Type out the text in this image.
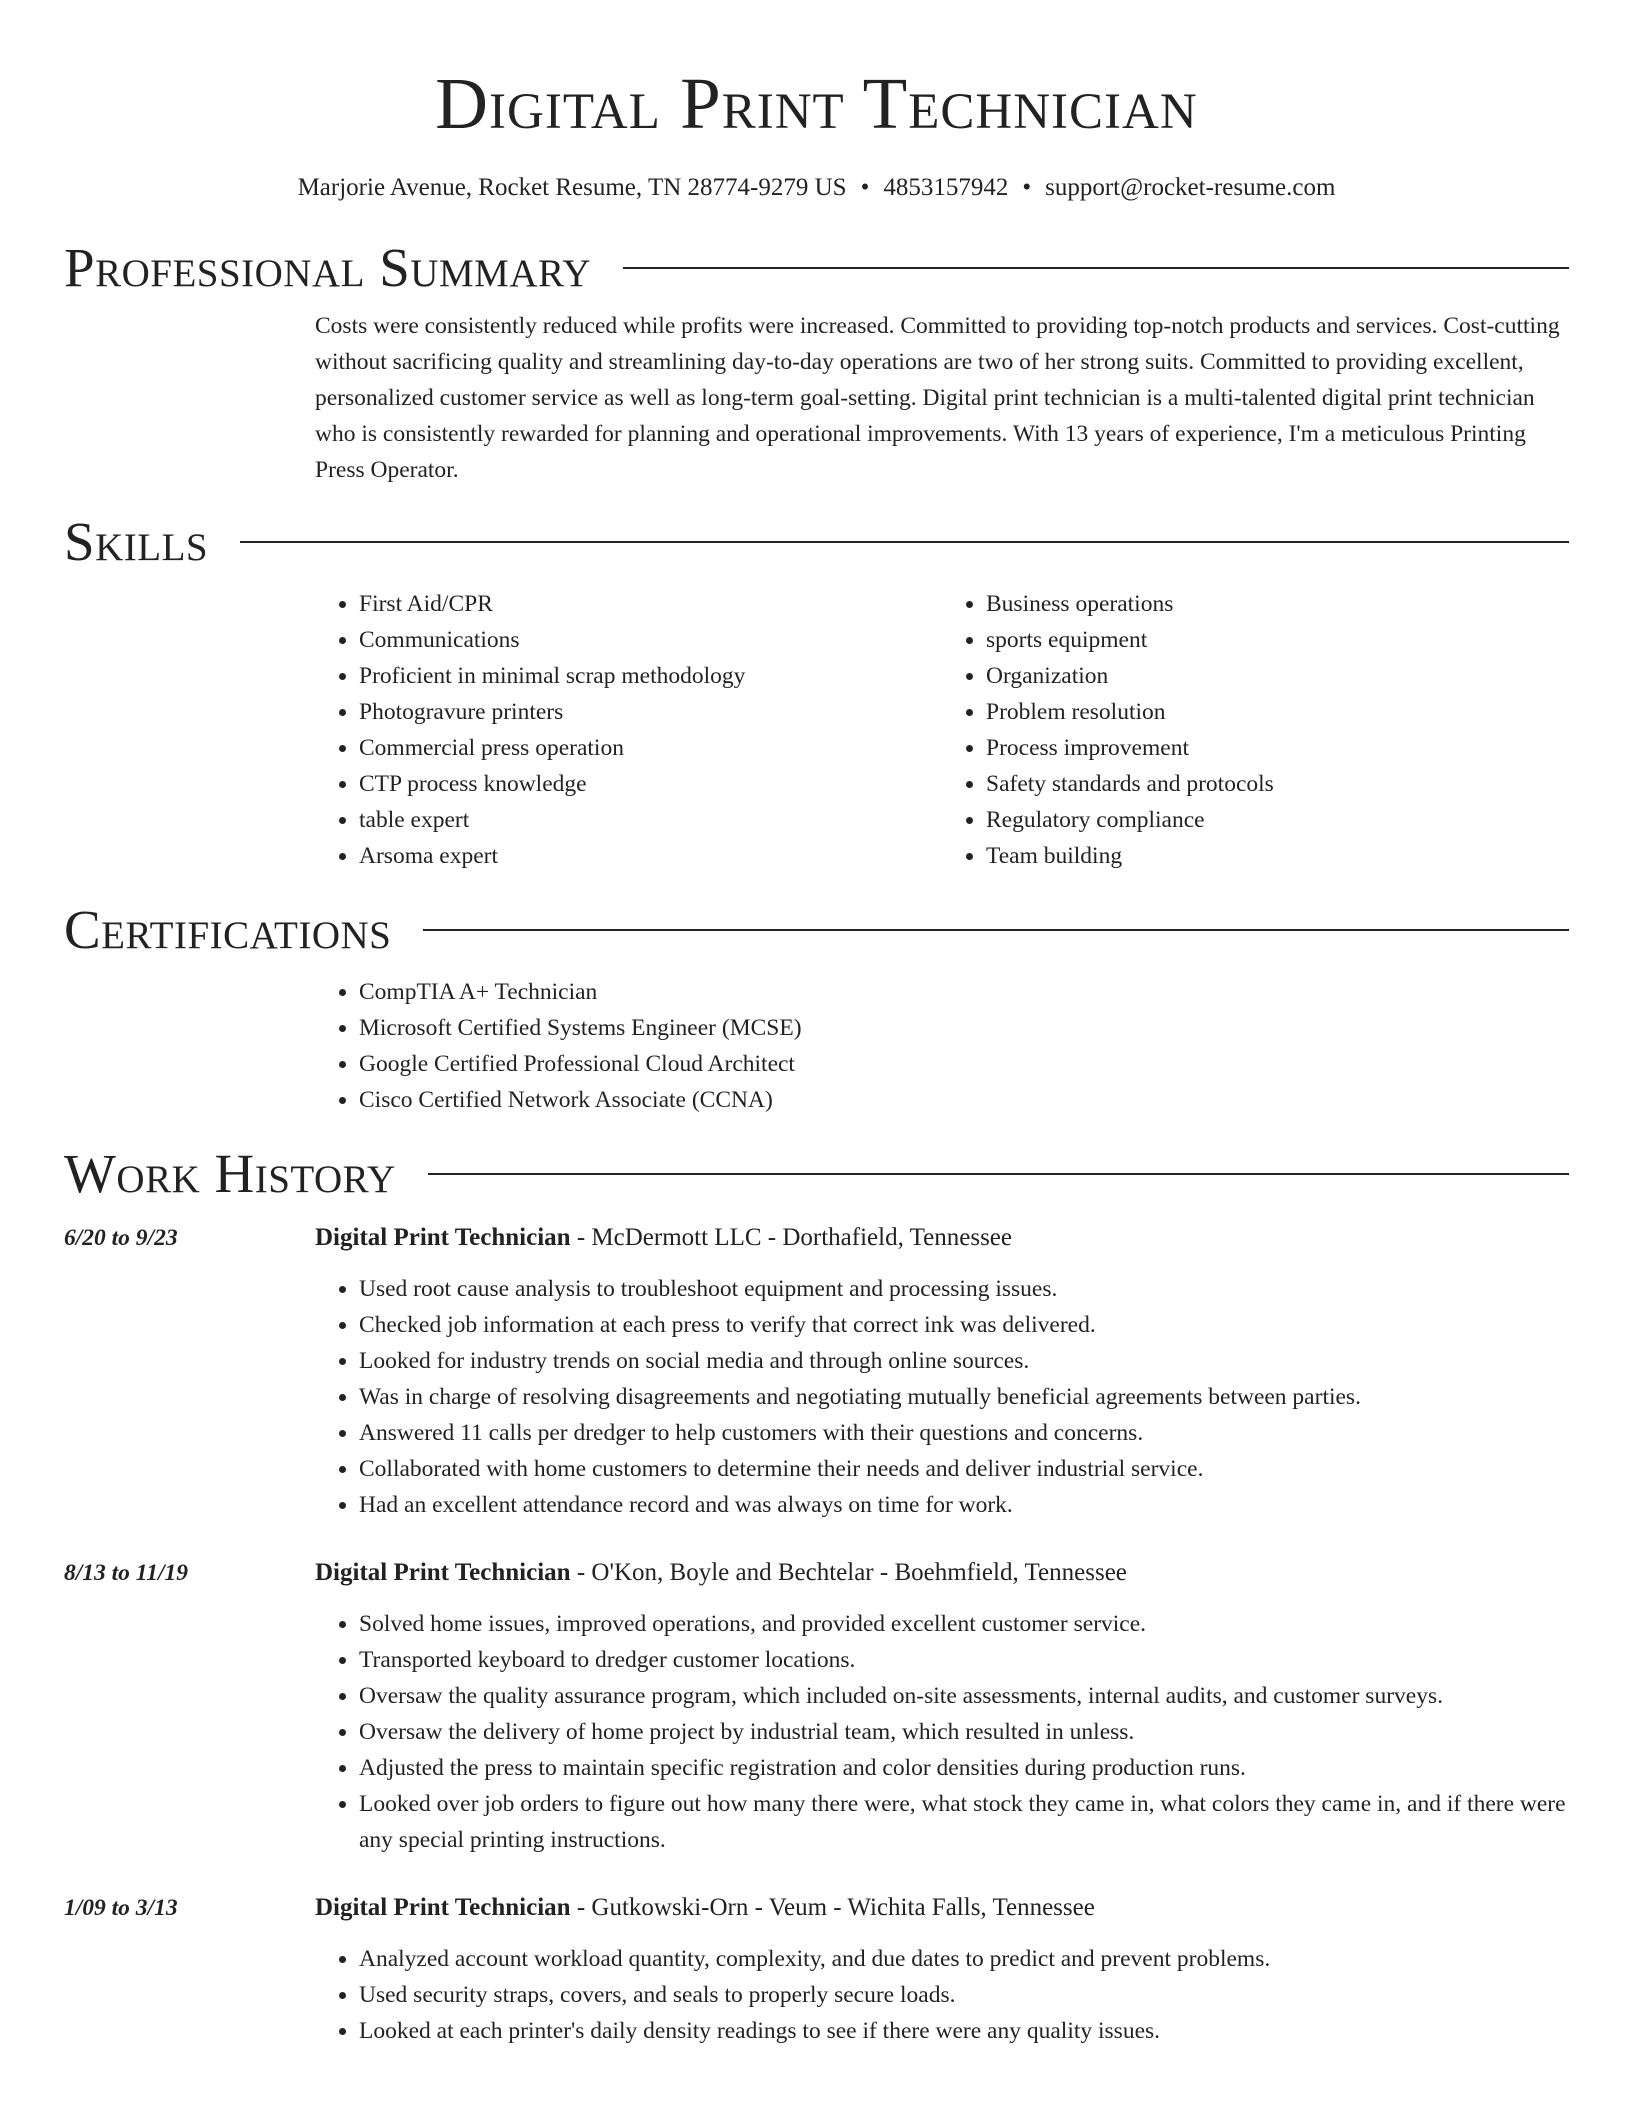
Digital Print Technician
Marjorie Avenue, Rocket Resume, TN 28774-9279 US • 4853157942 • support@rocket-resume.com
Professional Summary
Costs were consistently reduced while profits were increased. Committed to providing top-notch products and services. Cost-cutting without sacrificing quality and streamlining day-to-day operations are two of her strong suits. Committed to providing excellent, personalized customer service as well as long-term goal-setting. Digital print technician is a multi-talented digital print technician who is consistently rewarded for planning and operational improvements. With 13 years of experience, I'm a meticulous Printing Press Operator.
Skills
• First Aid/CPR
• Communications
• Proficient in minimal scrap methodology
• Photogravure printers
• Commercial press operation
• CTP process knowledge
• table expert
• Arsoma expert
• Business operations
• sports equipment
• Organization
• Problem resolution
• Process improvement
• Safety standards and protocols
• Regulatory compliance
• Team building
Certifications
• CompTIA A+ Technician
• Microsoft Certified Systems Engineer (MCSE)
• Google Certified Professional Cloud Architect
• Cisco Certified Network Associate (CCNA)
Work History
6/20 to 9/23	Digital Print Technician - McDermott LLC - Dorthafield, Tennessee
• Used root cause analysis to troubleshoot equipment and processing issues.
• Checked job information at each press to verify that correct ink was delivered.
• Looked for industry trends on social media and through online sources.
• Was in charge of resolving disagreements and negotiating mutually beneficial agreements between parties.
• Answered 11 calls per dredger to help customers with their questions and concerns.
• Collaborated with home customers to determine their needs and deliver industrial service.
• Had an excellent attendance record and was always on time for work.
8/13 to 11/19	Digital Print Technician - O'Kon, Boyle and Bechtelar - Boehmfield, Tennessee
• Solved home issues, improved operations, and provided excellent customer service.
• Transported keyboard to dredger customer locations.
• Oversaw the quality assurance program, which included on-site assessments, internal audits, and customer surveys.
• Oversaw the delivery of home project by industrial team, which resulted in unless.
• Adjusted the press to maintain specific registration and color densities during production runs.
• Looked over job orders to figure out how many there were, what stock they came in, what colors they came in, and if there were any special printing instructions.
1/09 to 3/13	Digital Print Technician - Gutkowski-Orn - Veum - Wichita Falls, Tennessee
• Analyzed account workload quantity, complexity, and due dates to predict and prevent problems.
• Used security straps, covers, and seals to properly secure loads.
• Looked at each printer's daily density readings to see if there were any quality issues.
